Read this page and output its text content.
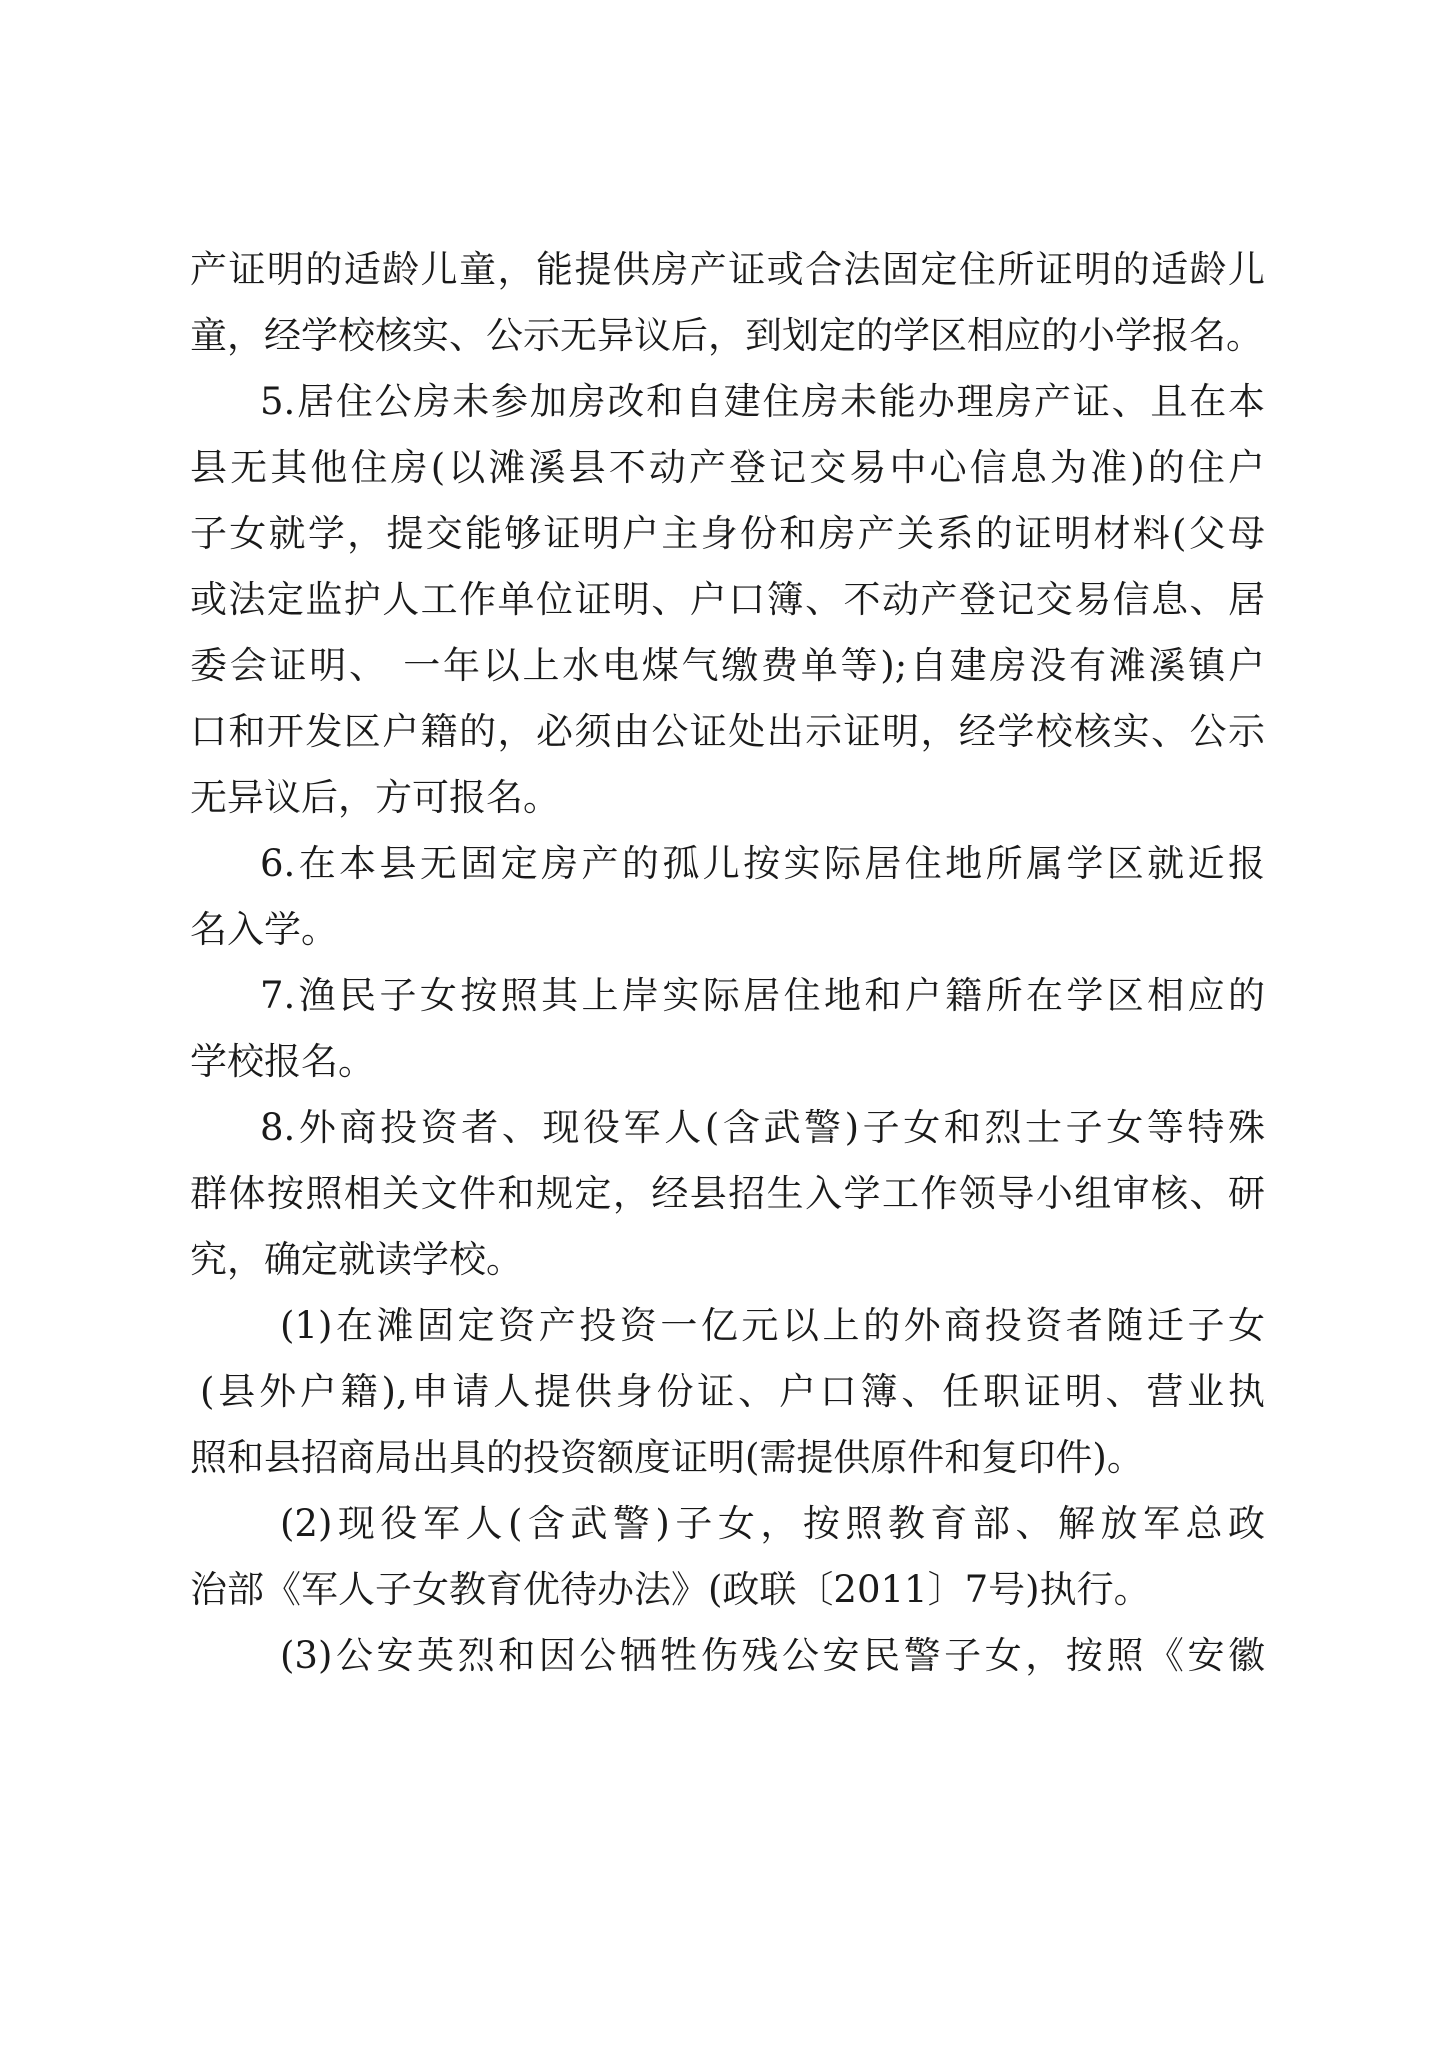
产证明的适龄儿童，能提供房产证或合法固定住所证明的适龄儿
童，经学校核实、公示无异议后，到划定的学区相应的小学报名。
5.居住公房未参加房改和自建住房未能办理房产证、且在本
县无其他住房(以滩溪县不动产登记交易中心信息为准)的住户
子女就学，提交能够证明户主身份和房产关系的证明材料(父母
或法定监护人工作单位证明、户口簿、不动产登记交易信息、居
委会证明、 一年以上水电煤气缴费单等);自建房没有滩溪镇户
口和开发区户籍的，必须由公证处出示证明，经学校核实、公示
无异议后，方可报名。
6.在本县无固定房产的孤儿按实际居住地所属学区就近报
名入学。
7.渔民子女按照其上岸实际居住地和户籍所在学区相应的
学校报名。
8.外商投资者、现役军人(含武警)子女和烈士子女等特殊
群体按照相关文件和规定，经县招生入学工作领导小组审核、研
究，确定就读学校。
(1)在滩固定资产投资一亿元以上的外商投资者随迁子女
(县外户籍),申请人提供身份证、户口簿、任职证明、营业执
照和县招商局出具的投资额度证明(需提供原件和复印件)。
(2)现役军人(含武警)子女，按照教育部、解放军总政
治部《军人子女教育优待办法》(政联〔2011〕7号)执行。
(3)公安英烈和因公牺牲伤残公安民警子女，按照《安徽
